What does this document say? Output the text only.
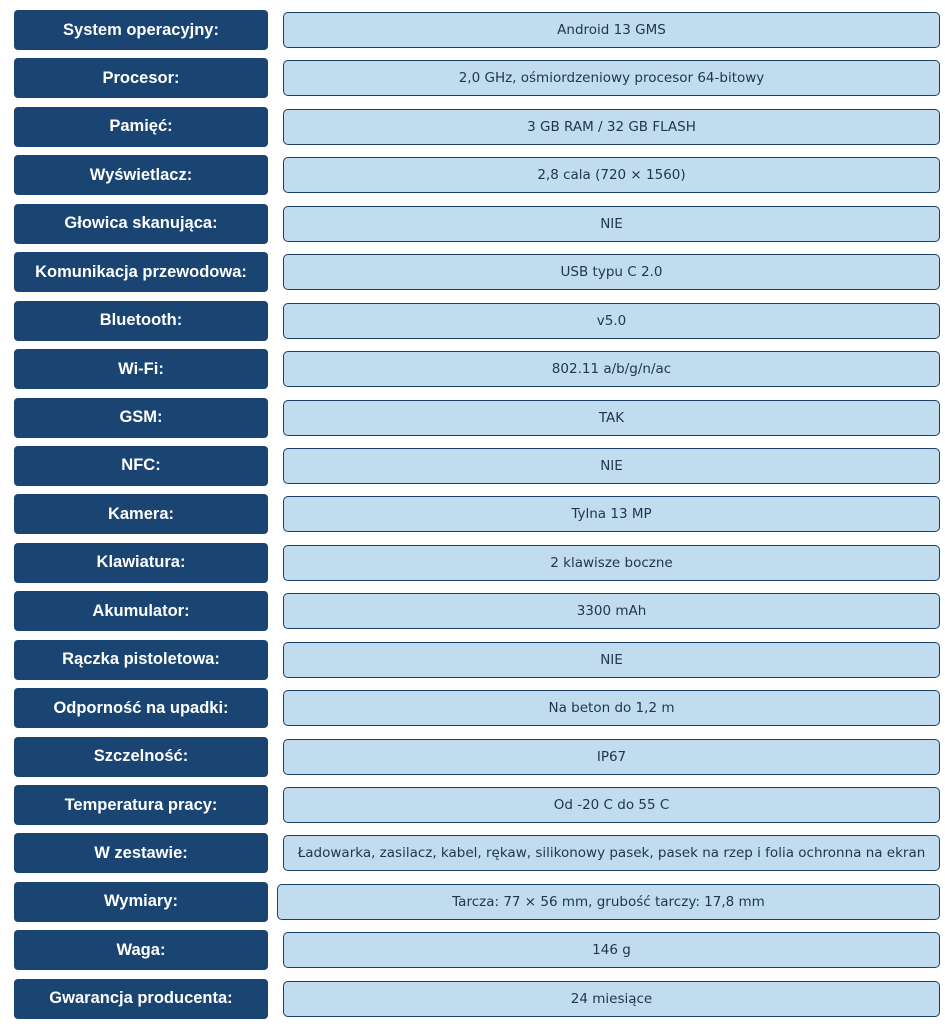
System operacyjny:	Android 13 GMS
Procesor:	2,0 GHz, ośmiordzeniowy procesor 64-bitowy
Pamięć:	3 GB RAM / 32 GB FLASH
Wyświetlacz:	2,8 cala (720 × 1560)
Głowica skanująca:	NIE
Komunikacja przewodowa:	USB typu C 2.0
Bluetooth:	v5.0
Wi-Fi:	802.11 a/b/g/n/ac
GSM:	TAK
NFC:	NIE
Kamera:	Tylna 13 MP
Klawiatura:	2 klawisze boczne
Akumulator:	3300 mAh
Rączka pistoletowa:	NIE
Odporność na upadki:	Na beton do 1,2 m
Szczelność:	IP67
Temperatura pracy:	Od -20 C do 55 C
W zestawie:	Ładowarka, zasilacz, kabel, rękaw, silikonowy pasek, pasek na rzep i folia ochronna na ekran
Wymiary:	Tarcza: 77 × 56 mm, grubość tarczy: 17,8 mm
Waga:	146 g
Gwarancja producenta:	24 miesiące
